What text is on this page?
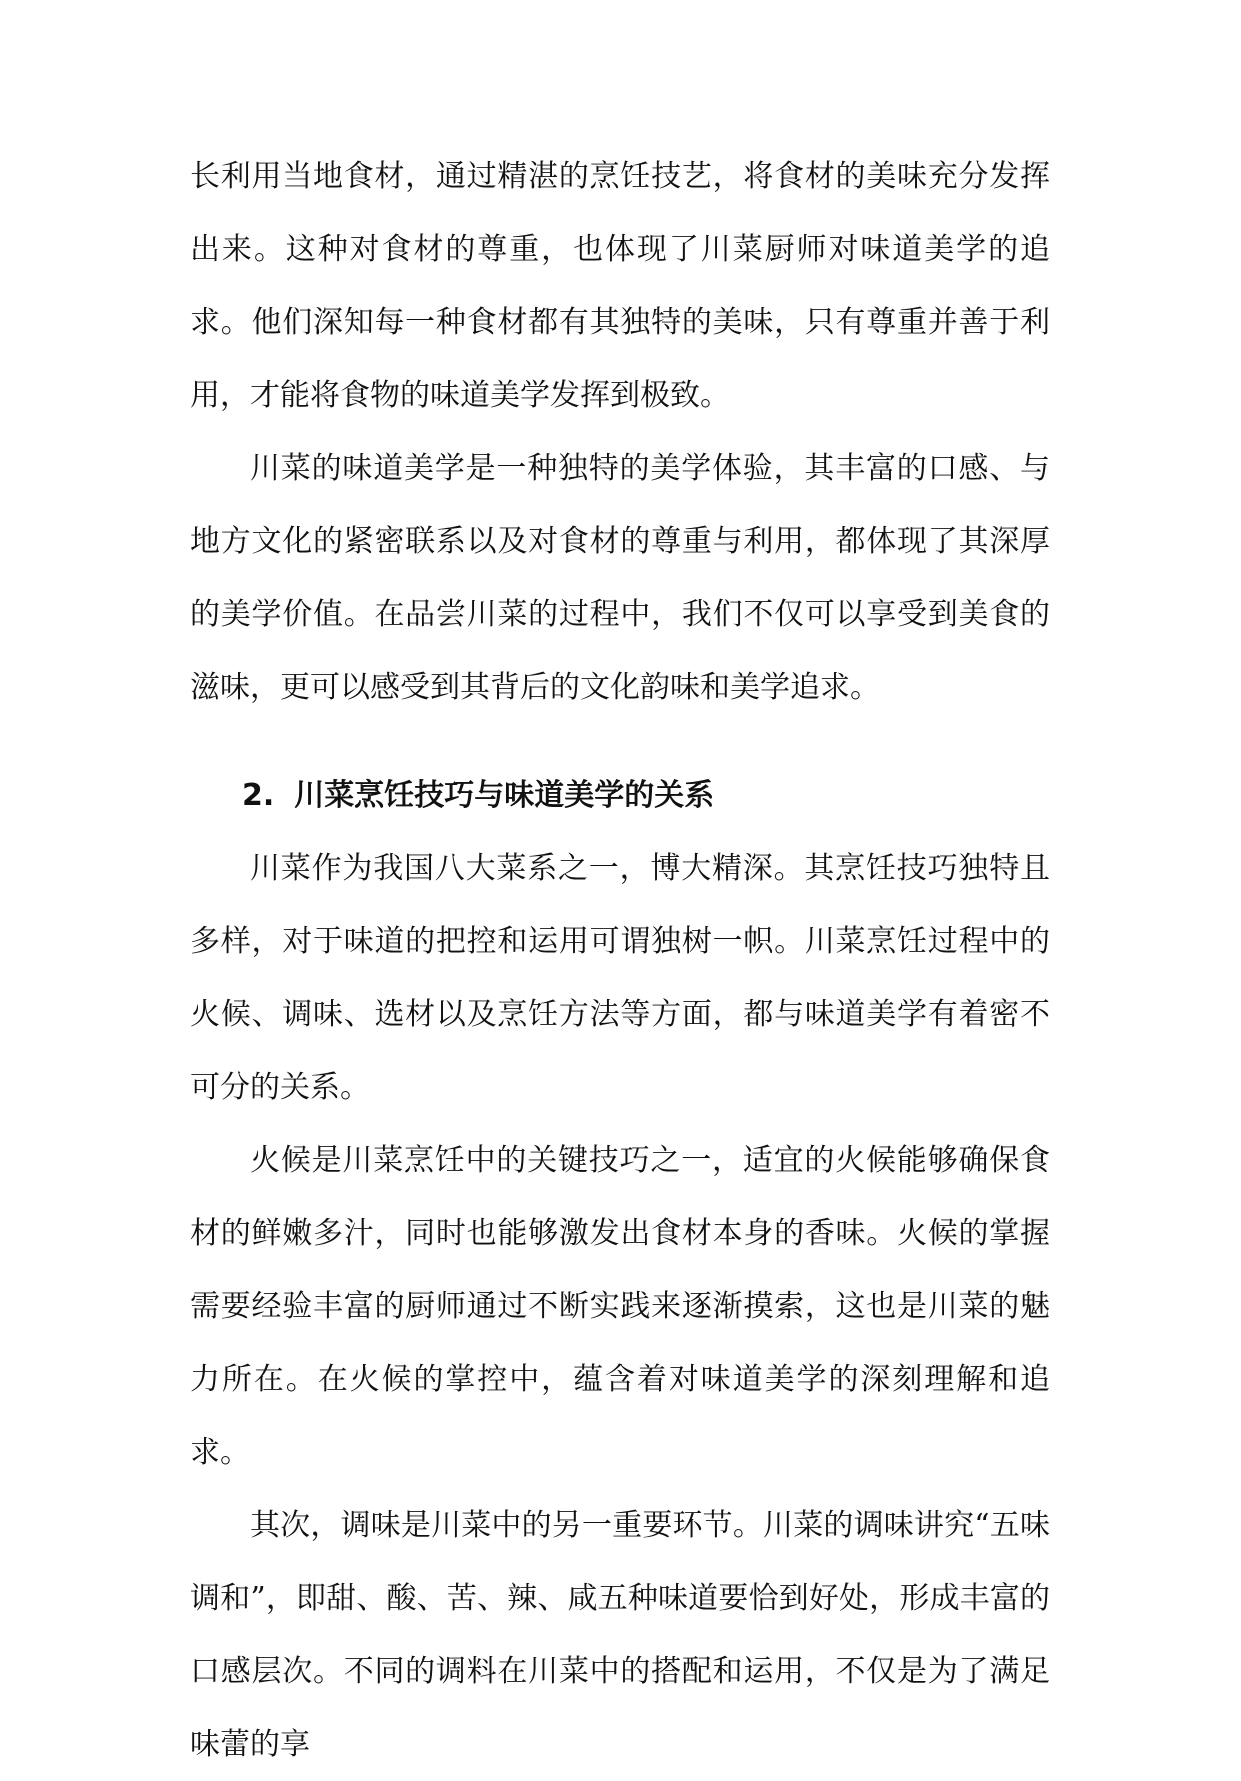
长利用当地食材，通过精湛的烹饪技艺，将食材的美味充分发挥出来。这种对食材的尊重，也体现了川菜厨师对味道美学的追求。他们深知每一种食材都有其独特的美味，只有尊重并善于利用，才能将食物的味道美学发挥到极致。

川菜的味道美学是一种独特的美学体验，其丰富的口感、与地方文化的紧密联系以及对食材的尊重与利用，都体现了其深厚的美学价值。在品尝川菜的过程中，我们不仅可以享受到美食的滋味，更可以感受到其背后的文化韵味和美学追求。

2. 川菜烹饪技巧与味道美学的关系

川菜作为我国八大菜系之一，博大精深。其烹饪技巧独特且多样，对于味道的把控和运用可谓独树一帜。川菜烹饪过程中的火候、调味、选材以及烹饪方法等方面，都与味道美学有着密不可分的关系。

火候是川菜烹饪中的关键技巧之一，适宜的火候能够确保食材的鲜嫩多汁，同时也能够激发出食材本身的香味。火候的掌握需要经验丰富的厨师通过不断实践来逐渐摸索，这也是川菜的魅力所在。在火候的掌控中，蕴含着对味道美学的深刻理解和追求。

其次，调味是川菜中的另一重要环节。川菜的调味讲究“五味调和”，即甜、酸、苦、辣、咸五种味道要恰到好处，形成丰富的口感层次。不同的调料在川菜中的搭配和运用，不仅是为了满足味蕾的享
